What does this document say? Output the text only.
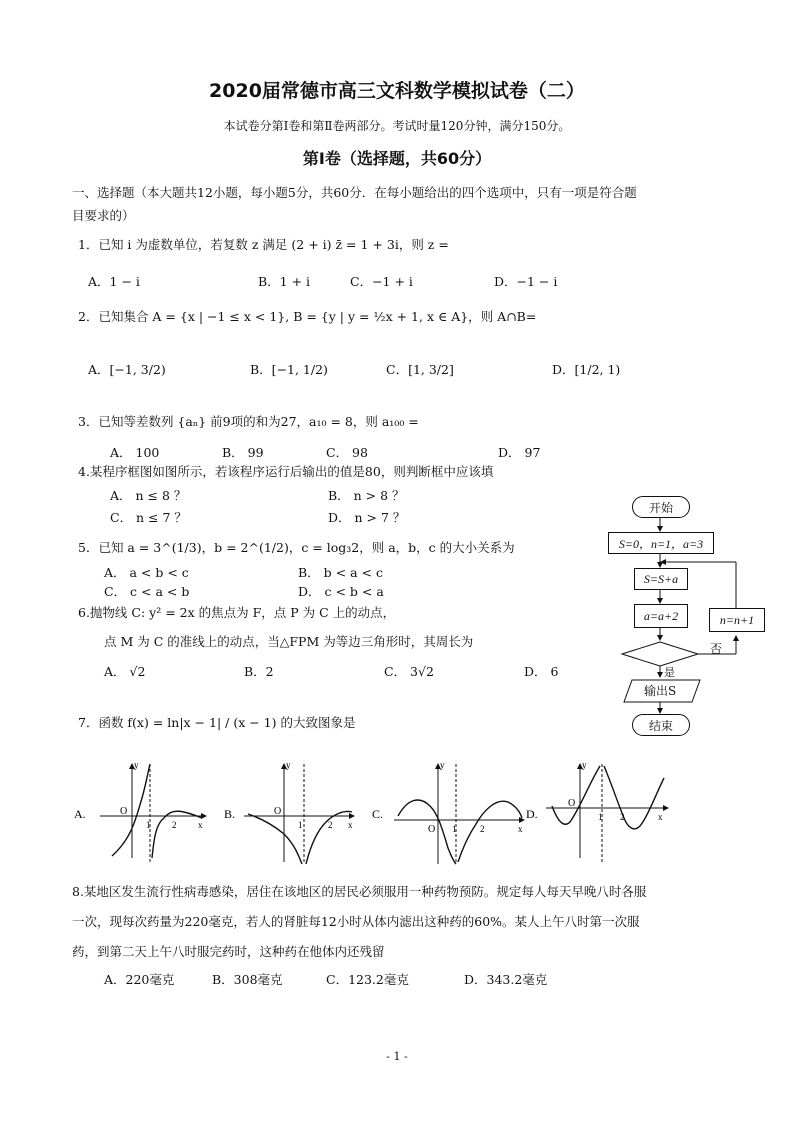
2020届常德市高三文科数学模拟试卷（二）
本试卷分第Ⅰ卷和第Ⅱ卷两部分。考试时量120分钟，满分150分。
第Ⅰ卷（选择题，共60分）
一、选择题（本大题共12小题，每小题5分，共60分．在每小题给出的四个选项中，只有一项是符合题
目要求的）
1．已知 i 为虚数单位，若复数 z 满足 (2 + i) z̄ = 1 + 3i，则 z =
A．1 − i	B．1 + i	C．−1 + i	D．−1 − i
2．已知集合 A = {x | −1 ≤ x < 1}, B = {y | y = ½x + 1, x ∈ A}，则 A∩B=
A．[−1, 3/2)	B．[−1, 1/2)	C．[1, 3/2]	D．[1/2, 1)
3．已知等差数列 {aₙ} 前9项的和为27，a₁₀ = 8，则 a₁₀₀ =
A． 100	B． 99	C． 98	D． 97
4.某程序框图如图所示，若该程序运行后输出的值是80，则判断框中应该填
A． n ≤ 8 ？	B． n > 8 ？
C． n ≤ 7 ？	D． n > 7 ？
5．已知 a = 3^(1/3)，b = 2^(1/2)，c = log₃2，则 a，b，c 的大小关系为
A． a < b < c	B． b < a < c
C． c < a < b	D． c < b < a
6.抛物线 C: y² = 2x 的焦点为 F，点 P 为 C 上的动点，
点 M 为 C 的准线上的动点，当△FPM 为等边三角形时，其周长为
A． √2	B．2	C． 3√2	D． 6
7．函数 f(x) = ln|x − 1| / (x − 1) 的大致图象是
A.	O
1 2 x
y
B.	O
1	2 x
y
C.
O 1	2	x
y
D.
O
1 2	x
y
8.某地区发生流行性病毒感染，居住在该地区的居民必须服用一种药物预防。规定每人每天早晚八时各服
一次，现每次药量为220毫克，若人的肾脏每12小时从体内滤出这种药的60%。某人上午八时第一次服
药，到第二天上午八时服完药时，这种药在他体内还残留
A．220毫克	B．308毫克	C．123.2毫克	D．343.2毫克
开始
S=0，n=1，a=3
S=S+a
a=a+2	n=n+1
否
是
输出S
结束
- 1 -
